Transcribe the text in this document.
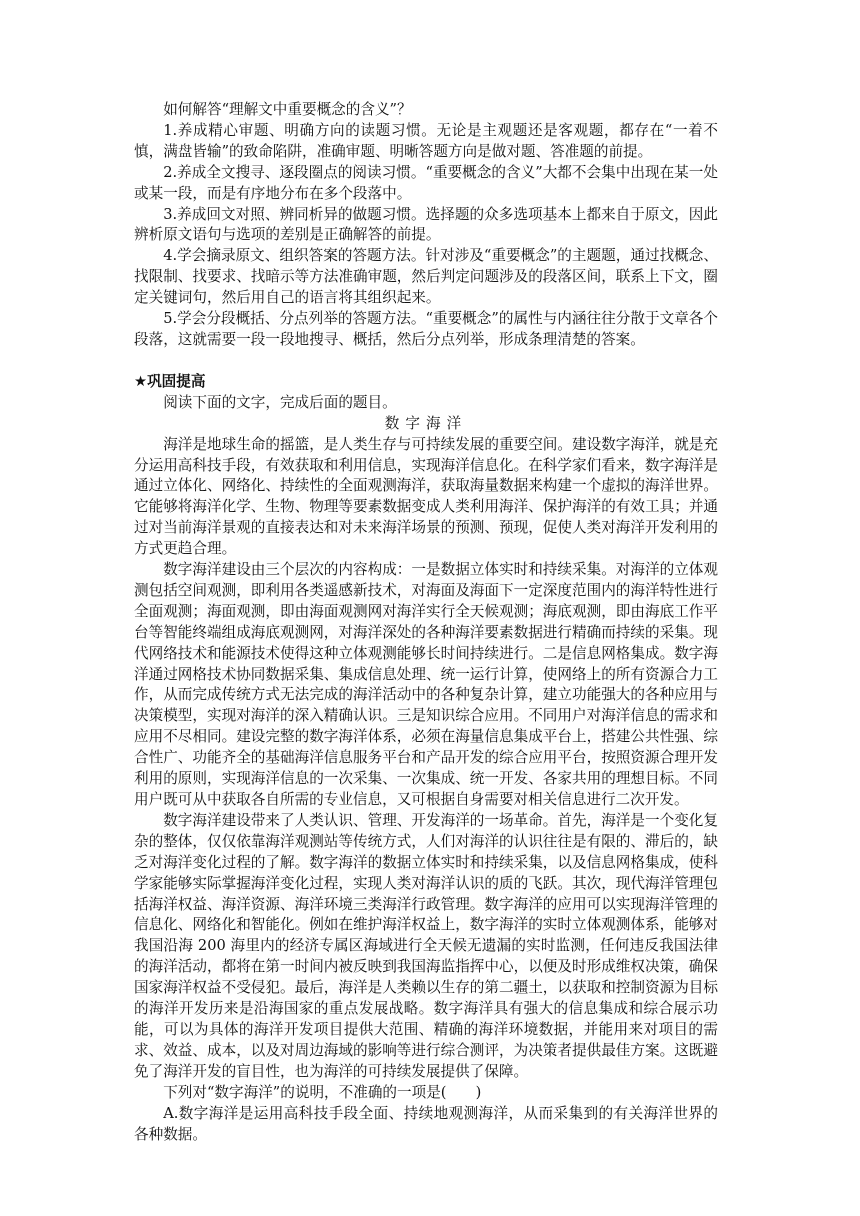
如何解答“理解文中重要概念的含义”？

1.养成精心审题、明确方向的读题习惯。无论是主观题还是客观题，都存在“一着不慎，满盘皆输”的致命陷阱，准确审题、明晰答题方向是做对题、答准题的前提。

2.养成全文搜寻、逐段圈点的阅读习惯。“重要概念的含义”大都不会集中出现在某一处或某一段，而是有序地分布在多个段落中。

3.养成回文对照、辨同析异的做题习惯。选择题的众多选项基本上都来自于原文，因此辨析原文语句与选项的差别是正确解答的前提。

4.学会摘录原文、组织答案的答题方法。针对涉及“重要概念”的主题题，通过找概念、找限制、找要求、找暗示等方法准确审题，然后判定问题涉及的段落区间，联系上下文，圈定关键词句，然后用自己的语言将其组织起来。

5.学会分段概括、分点列举的答题方法。“重要概念”的属性与内涵往往分散于文章各个段落，这就需要一段一段地搜寻、概括，然后分点列举，形成条理清楚的答案。

★巩固提高

阅读下面的文字，完成后面的题目。

数字海洋

海洋是地球生命的摇篮，是人类生存与可持续发展的重要空间。建设数字海洋，就是充分运用高科技手段，有效获取和利用信息，实现海洋信息化。在科学家们看来，数字海洋是通过立体化、网络化、持续性的全面观测海洋，获取海量数据来构建一个虚拟的海洋世界。它能够将海洋化学、生物、物理等要素数据变成人类利用海洋、保护海洋的有效工具；并通过对当前海洋景观的直接表达和对未来海洋场景的预测、预现，促使人类对海洋开发利用的方式更趋合理。

数字海洋建设由三个层次的内容构成：一是数据立体实时和持续采集。对海洋的立体观测包括空间观测，即利用各类遥感新技术，对海面及海面下一定深度范围内的海洋特性进行全面观测；海面观测，即由海面观测网对海洋实行全天候观测；海底观测，即由海底工作平台等智能终端组成海底观测网，对海洋深处的各种海洋要素数据进行精确而持续的采集。现代网络技术和能源技术使得这种立体观测能够长时间持续进行。二是信息网格集成。数字海洋通过网格技术协同数据采集、集成信息处理、统一运行计算，使网络上的所有资源合力工作，从而完成传统方式无法完成的海洋活动中的各种复杂计算，建立功能强大的各种应用与决策模型，实现对海洋的深入精确认识。三是知识综合应用。不同用户对海洋信息的需求和应用不尽相同。建设完整的数字海洋体系，必须在海量信息集成平台上，搭建公共性强、综合性广、功能齐全的基础海洋信息服务平台和产品开发的综合应用平台，按照资源合理开发利用的原则，实现海洋信息的一次采集、一次集成、统一开发、各家共用的理想目标。不同用户既可从中获取各自所需的专业信息，又可根据自身需要对相关信息进行二次开发。

数字海洋建设带来了人类认识、管理、开发海洋的一场革命。首先，海洋是一个变化复杂的整体，仅仅依靠海洋观测站等传统方式，人们对海洋的认识往往是有限的、滞后的，缺乏对海洋变化过程的了解。数字海洋的数据立体实时和持续采集，以及信息网格集成，使科学家能够实际掌握海洋变化过程，实现人类对海洋认识的质的飞跃。其次，现代海洋管理包括海洋权益、海洋资源、海洋环境三类海洋行政管理。数字海洋的应用可以实现海洋管理的信息化、网络化和智能化。例如在维护海洋权益上，数字海洋的实时立体观测体系，能够对我国沿海 200 海里内的经济专属区海域进行全天候无遗漏的实时监测，任何违反我国法律的海洋活动，都将在第一时间内被反映到我国海监指挥中心，以便及时形成维权决策，确保国家海洋权益不受侵犯。最后，海洋是人类赖以生存的第二疆土，以获取和控制资源为目标的海洋开发历来是沿海国家的重点发展战略。数字海洋具有强大的信息集成和综合展示功能，可以为具体的海洋开发项目提供大范围、精确的海洋环境数据，并能用来对项目的需求、效益、成本，以及对周边海域的影响等进行综合测评，为决策者提供最佳方案。这既避免了海洋开发的盲目性，也为海洋的可持续发展提供了保障。

下列对“数字海洋”的说明，不准确的一项是(　　)

A.数字海洋是运用高科技手段全面、持续地观测海洋，从而采集到的有关海洋世界的各种数据。
